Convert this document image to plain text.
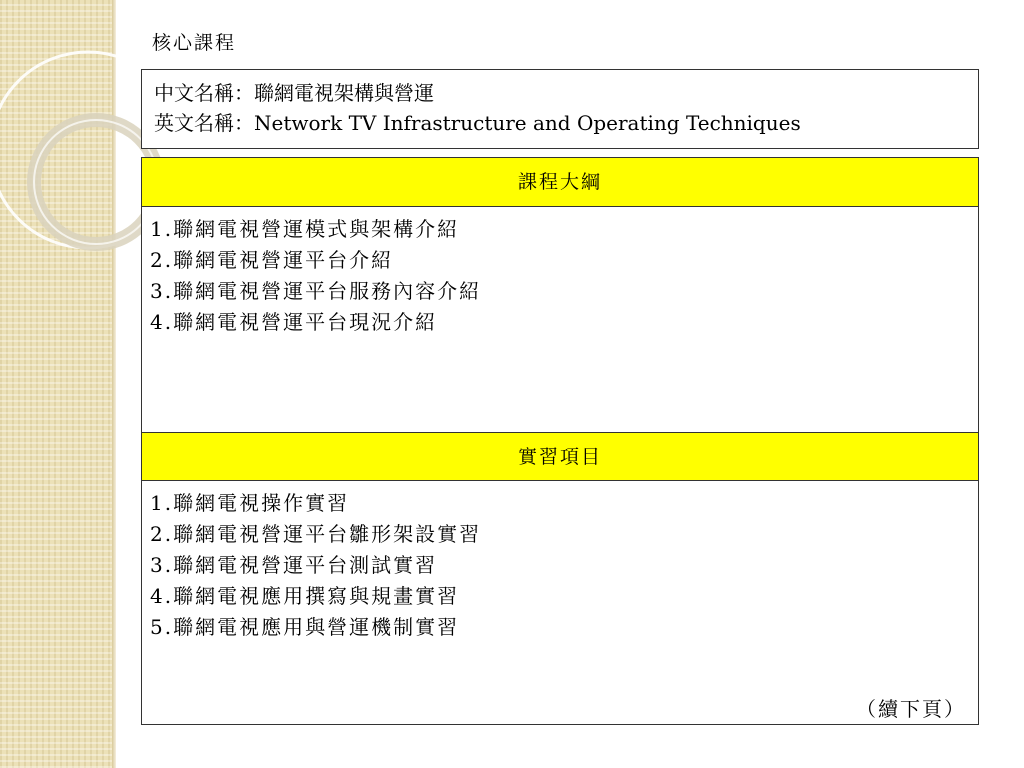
核心課程
中文名稱：聯網電視架構與營運
英文名稱：Network TV Infrastructure and Operating Techniques
課程大綱
1.聯網電視營運模式與架構介紹
2.聯網電視營運平台介紹
3.聯網電視營運平台服務內容介紹
4.聯網電視營運平台現況介紹
實習項目
1.聯網電視操作實習
2.聯網電視營運平台雛形架設實習
3.聯網電視營運平台測試實習
4.聯網電視應用撰寫與規畫實習
5.聯網電視應用與營運機制實習
（續下頁）
